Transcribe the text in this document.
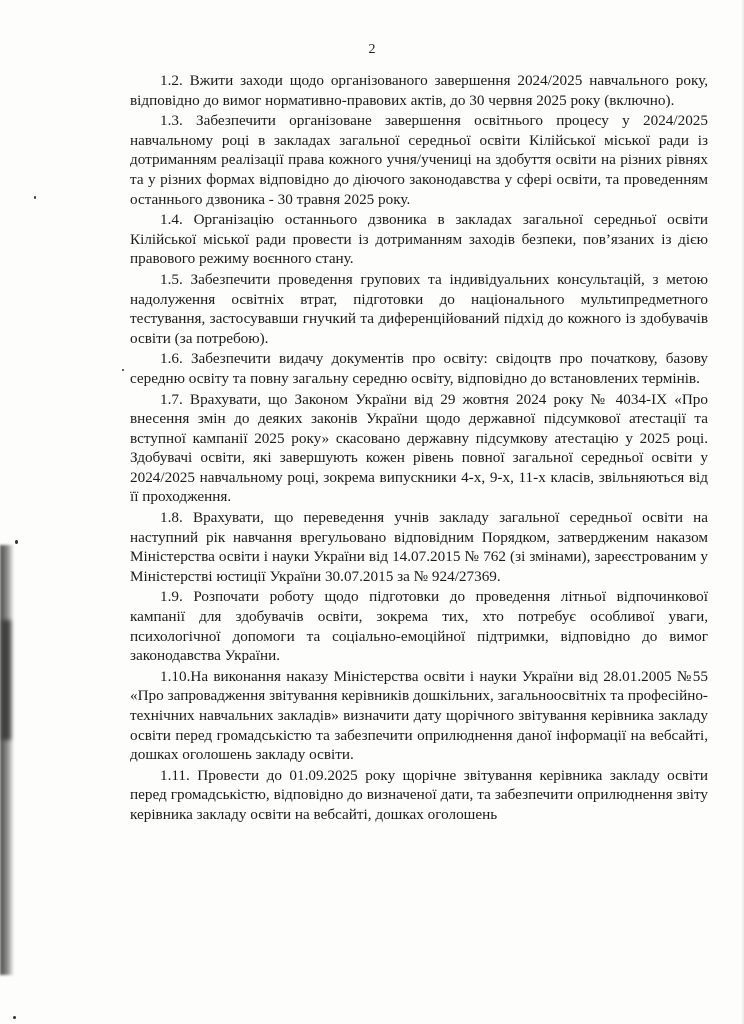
2

1.2. Вжити заходи щодо організованого завершення 2024/2025 навчального року, відповідно до вимог нормативно-правових актів, до 30 червня 2025 року (включно).

1.3. Забезпечити організоване завершення освітнього процесу у 2024/2025 навчальному році в закладах загальної середньої освіти Кілійської міської ради із дотриманням реалізації права кожного учня/учениці на здобуття освіти на різних рівнях та у різних формах відповідно до діючого законодавства у сфері освіти, та проведенням останнього дзвоника - 30 травня 2025 року.

1.4. Організацію останнього дзвоника в закладах загальної середньої освіти Кілійської міської ради провести із дотриманням заходів безпеки, пов’язаних із дією правового режиму воєнного стану.

1.5. Забезпечити проведення групових та індивідуальних консультацій, з метою надолуження освітніх втрат, підготовки до національного мультипредметного тестування, застосувавши гнучкий та диференційований підхід до кожного із здобувачів освіти (за потребою).

1.6. Забезпечити видачу документів про освіту: свідоцтв про початкову, базову середню освіту та повну загальну середню освіту, відповідно до встановлених термінів.

1.7. Врахувати, що Законом України від 29 жовтня 2024 року № 4034-IX «Про внесення змін до деяких законів України щодо державної підсумкової атестації та вступної кампанії 2025 року» скасовано державну підсумкову атестацію у 2025 році. Здобувачі освіти, які завершують кожен рівень повної загальної середньої освіти у 2024/2025 навчальному році, зокрема випускники 4-х, 9-х, 11-х класів, звільняються від її проходження.

1.8. Врахувати, що переведення учнів закладу загальної середньої освіти на наступний рік навчання врегульовано відповідним Порядком, затвердженим наказом Міністерства освіти і науки України від 14.07.2015 № 762 (зі змінами), зареєстрованим у Міністерстві юстиції України 30.07.2015 за № 924/27369.

1.9. Розпочати роботу щодо підготовки до проведення літньої відпочинкової кампанії для здобувачів освіти, зокрема тих, хто потребує особливої уваги, психологічної допомоги та соціально-емоційної підтримки, відповідно до вимог законодавства України.

1.10.На виконання наказу Міністерства освіти і науки України від 28.01.2005 №55 «Про запровадження звітування керівників дошкільних, загальноосвітніх та професійно-технічних навчальних закладів» визначити дату щорічного звітування керівника закладу освіти перед громадськістю та забезпечити оприлюднення даної інформації на вебсайті, дошках оголошень закладу освіти.

1.11. Провести до 01.09.2025 року щорічне звітування керівника закладу освіти перед громадськістю, відповідно до визначеної дати, та забезпечити оприлюднення звіту керівника закладу освіти на вебсайті, дошках оголошень
